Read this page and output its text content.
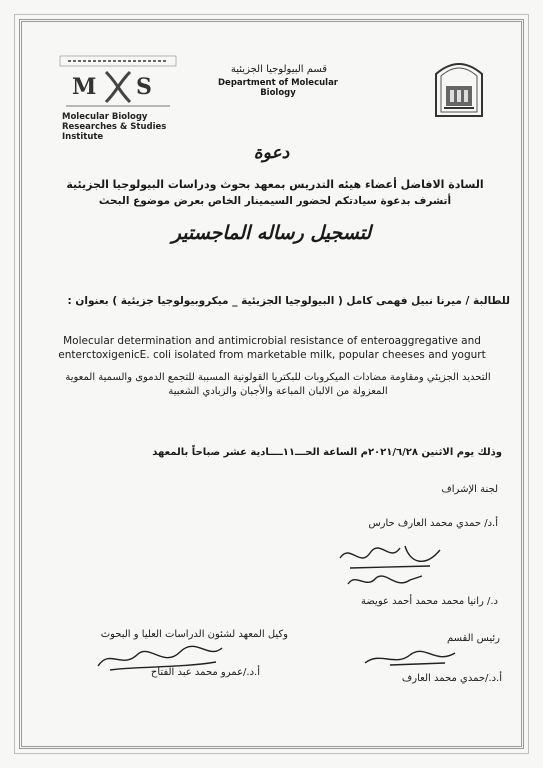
M S
Molecular Biology Researches & Studies Institute
قسم البيولوجيا الجزيئية
Department of Molecular Biology
دعوة
السادة الافاضل أعضاء هيئه التدريس بمعهد بحوث ودراسات البيولوجيا الجزيئية
أتشرف بدعوة سيادتكم لحضور السيمينار الخاص بعرض موضوع البحث
لتسجيل رساله الماجستير
للطالبة / ميرنا نبيل فهمى كامل ( البيولوجيا الجزيئية _ ميكروبيولوجيا جزيئية ) بعنوان :
Molecular determination and antimicrobial resistance of enteroaggregative and enterctoxigenicE. coli isolated from marketable milk, popular cheeses and yogurt
التحديد الجزيئي ومقاومة مضادات الميكروبات للبكتريا القولونية المسببة للتجمع الدموى والسمية المعوية المعزولة من الالبان المباعة والأجبان والزبادي الشعبية
وذلك يوم الاثنين ٢٠٢١/٦/٢٨م الساعة الحـــ١١ــــادية عشر صباحاً بالمعهد
لجنة الإشراف
أ.د/ حمدي محمد العارف حارس
د./ رانيا محمد محمد أحمد عويضة
رئيس القسم
وكيل المعهد لشئون الدراسات العليا و البحوث
أ.د./حمدي محمد العارف
أ.د./عمرو محمد عبد الفتاح
